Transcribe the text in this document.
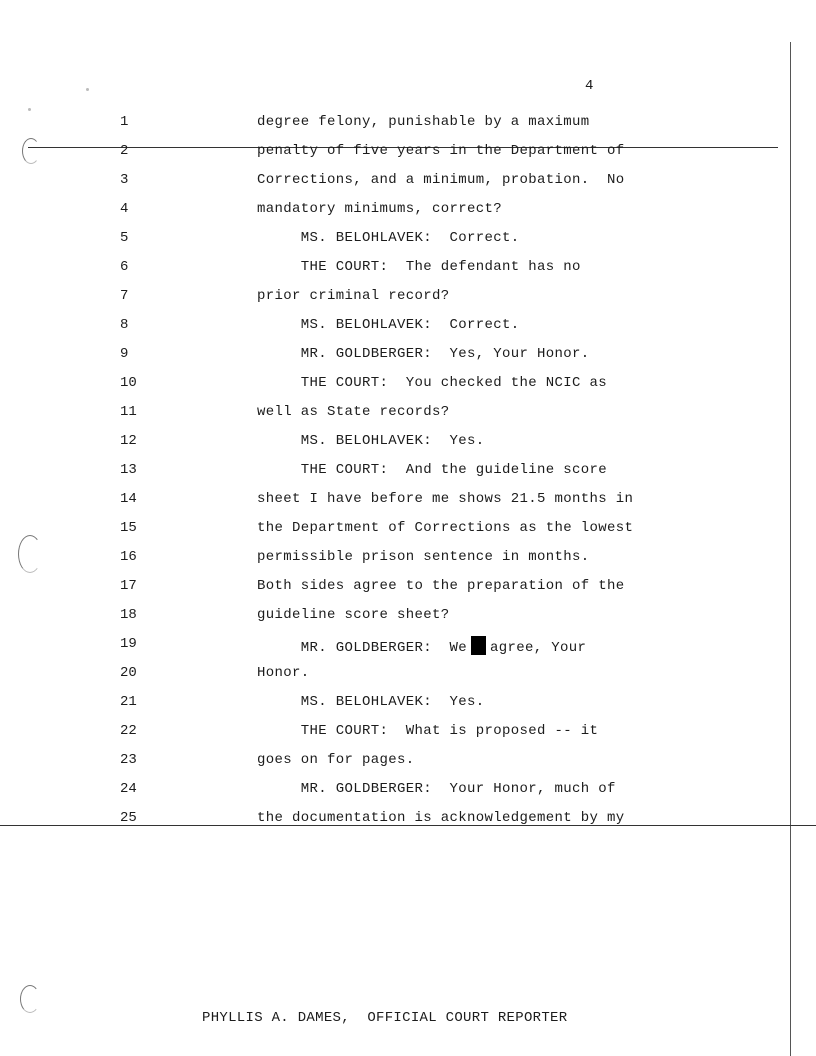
4
1	degree felony, punishable by a maximum
2	penalty of five years in the Department of
3	Corrections, and a minimum, probation.  No
4	mandatory minimums, correct?
5	MS. BELOHLAVEK:  Correct.
6	THE COURT:  The defendant has no
7	prior criminal record?
8	MS. BELOHLAVEK:  Correct.
9	MR. GOLDBERGER:  Yes, Your Honor.
10	THE COURT:  You checked the NCIC as
11	well as State records?
12	MS. BELOHLAVEK:  Yes.
13	THE COURT:  And the guideline score
14	sheet I have before me shows 21.5 months in
15	the Department of Corrections as the lowest
16	permissible prison sentence in months.
17	Both sides agree to the preparation of the
18	guideline score sheet?
19	MR. GOLDBERGER:  We agree, Your
20	Honor.
21	MS. BELOHLAVEK:  Yes.
22	THE COURT:  What is proposed -- it
23	goes on for pages.
24	MR. GOLDBERGER:  Your Honor, much of
25	the documentation is acknowledgement by my
PHYLLIS A. DAMES,  OFFICIAL COURT REPORTER
